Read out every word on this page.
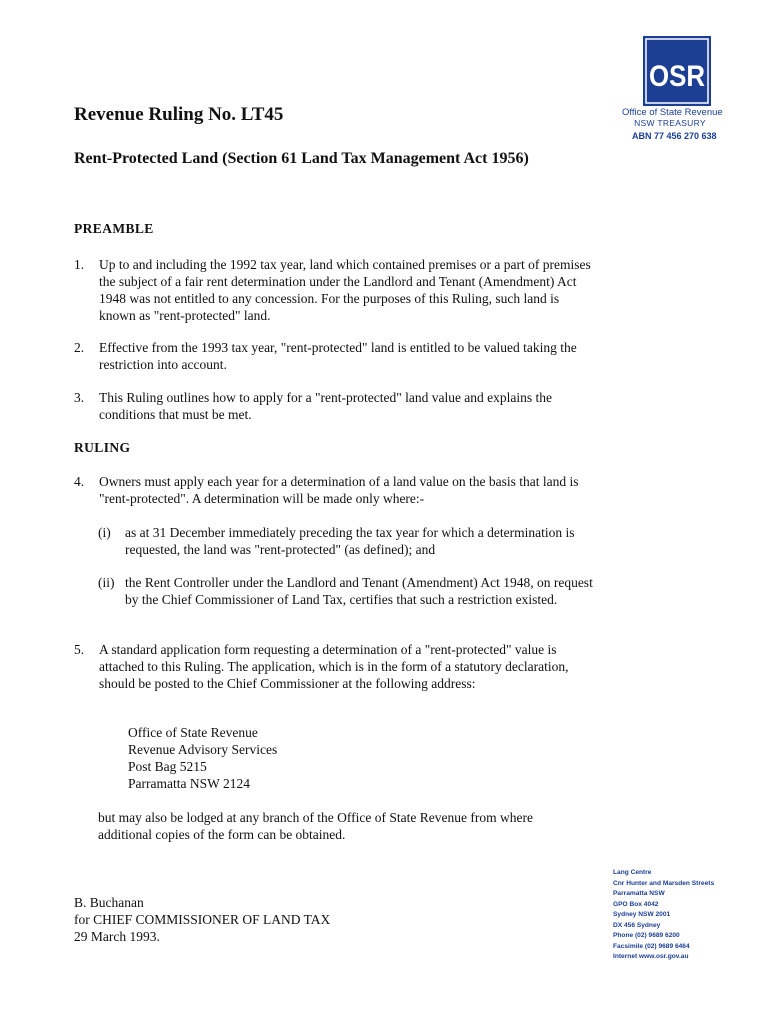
OSR
Office of State Revenue
NSW TREASURY
ABN 77 456 270 638
Revenue Ruling No. LT45
Rent-Protected Land (Section 61 Land Tax Management Act 1956)
PREAMBLE
1. Up to and including the 1992 tax year, land which contained premises or a part of premises the subject of a fair rent determination under the Landlord and Tenant (Amendment) Act 1948 was not entitled to any concession. For the purposes of this Ruling, such land is known as "rent-protected" land.
2. Effective from the 1993 tax year, "rent-protected" land is entitled to be valued taking the restriction into account.
3. This Ruling outlines how to apply for a "rent-protected" land value and explains the conditions that must be met.
RULING
4. Owners must apply each year for a determination of a land value on the basis that land is "rent-protected". A determination will be made only where:-
(i) as at 31 December immediately preceding the tax year for which a determination is requested, the land was "rent-protected" (as defined); and
(ii) the Rent Controller under the Landlord and Tenant (Amendment) Act 1948, on request by the Chief Commissioner of Land Tax, certifies that such a restriction existed.
5. A standard application form requesting a determination of a "rent-protected" value is attached to this Ruling. The application, which is in the form of a statutory declaration, should be posted to the Chief Commissioner at the following address:
Office of State Revenue
Revenue Advisory Services
Post Bag 5215
Parramatta NSW 2124
but may also be lodged at any branch of the Office of State Revenue from where additional copies of the form can be obtained.
B. Buchanan
for CHIEF COMMISSIONER OF LAND TAX
29 March 1993.
Lang Centre
Cnr Hunter and Marsden Streets
Parramatta NSW
GPO Box 4042
Sydney NSW 2001
DX 456 Sydney
Phone (02) 9689 6200
Facsimile (02) 9689 6464
Internet www.osr.gov.au
